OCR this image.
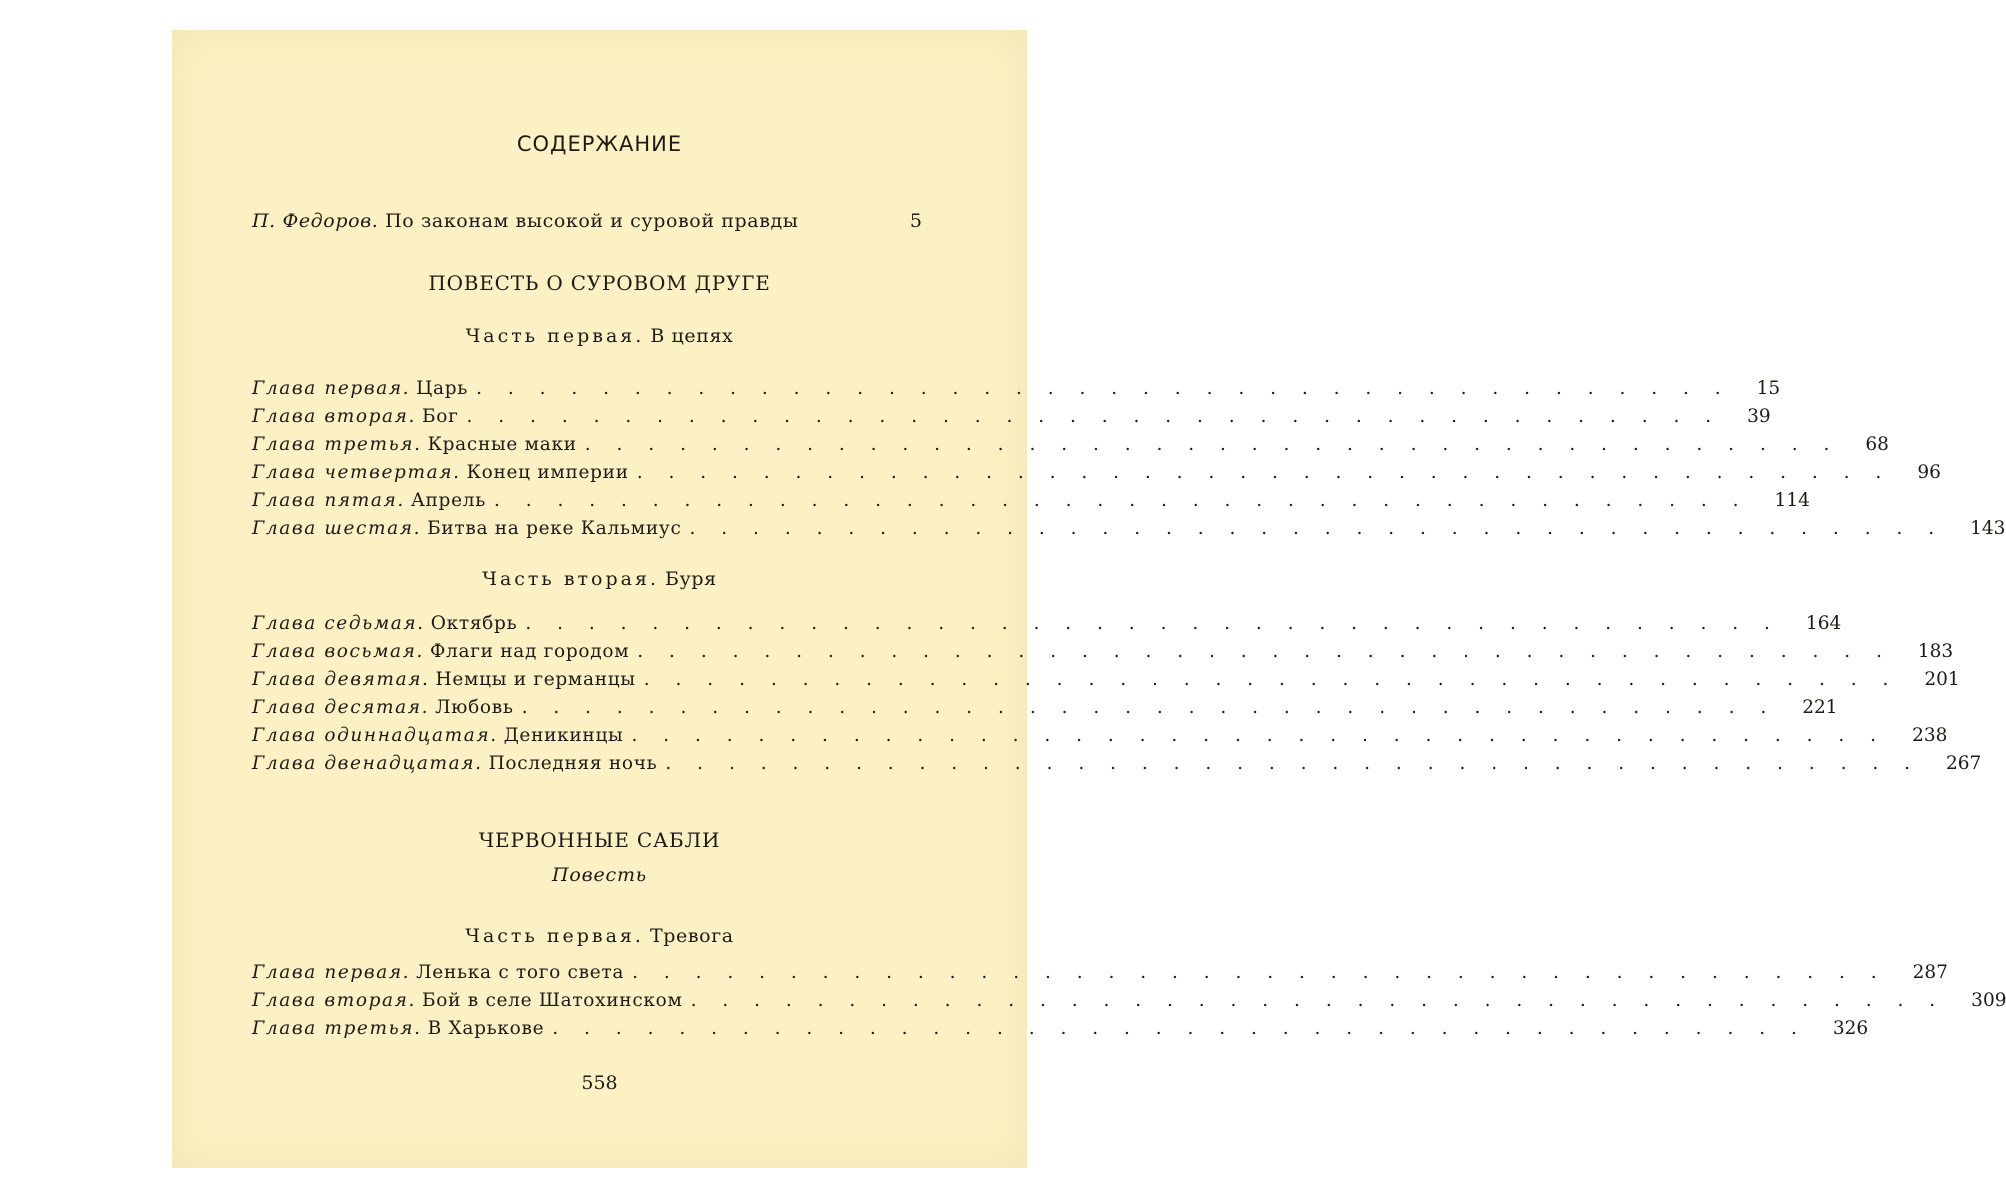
СОДЕРЖАНИЕ
П. Федоров. По законам высокой и суровой правды	5
ПОВЕСТЬ О СУРОВОМ ДРУГЕ
Часть первая. В цепях
Глава первая. Царь . . . . . . . . . . . . . . . . . . . . . . . . . . . . . . . . . . . . . . . . 15
Глава вторая. Бог . . . . . . . . . . . . . . . . . . . . . . . . . . . . . . . . . . . . . . . . 39
Глава третья. Красные маки . . . . . . . . . . . . . . . . . . . . . . . . . . . . . . . . . . . . . . . . 68
Глава четвертая. Конец империи . . . . . . . . . . . . . . . . . . . . . . . . . . . . . . . . . . . . . . . . 96
Глава пятая. Апрель . . . . . . . . . . . . . . . . . . . . . . . . . . . . . . . . . . . . . . . . 114
Глава шестая. Битва на реке Кальмиус . . . . . . . . . . . . . . . . . . . . . . . . . . . . . . . . . . . . . . . . 143
Часть вторая. Буря
Глава седьмая. Октябрь . . . . . . . . . . . . . . . . . . . . . . . . . . . . . . . . . . . . . . . . 164
Глава восьмая. Флаги над городом . . . . . . . . . . . . . . . . . . . . . . . . . . . . . . . . . . . . . . . . 183
Глава девятая. Немцы и германцы . . . . . . . . . . . . . . . . . . . . . . . . . . . . . . . . . . . . . . . . 201
Глава десятая. Любовь . . . . . . . . . . . . . . . . . . . . . . . . . . . . . . . . . . . . . . . . 221
Глава одиннадцатая. Деникинцы . . . . . . . . . . . . . . . . . . . . . . . . . . . . . . . . . . . . . . . . 238
Глава двенадцатая. Последняя ночь . . . . . . . . . . . . . . . . . . . . . . . . . . . . . . . . . . . . . . . . 267
ЧЕРВОННЫЕ САБЛИ
Повесть
Часть первая. Тревога
Глава первая. Ленька с того света . . . . . . . . . . . . . . . . . . . . . . . . . . . . . . . . . . . . . . . . 287
Глава вторая. Бой в селе Шатохинском . . . . . . . . . . . . . . . . . . . . . . . . . . . . . . . . . . . . . . . . 309
Глава третья. В Харькове . . . . . . . . . . . . . . . . . . . . . . . . . . . . . . . . . . . . . . . . 326
558
